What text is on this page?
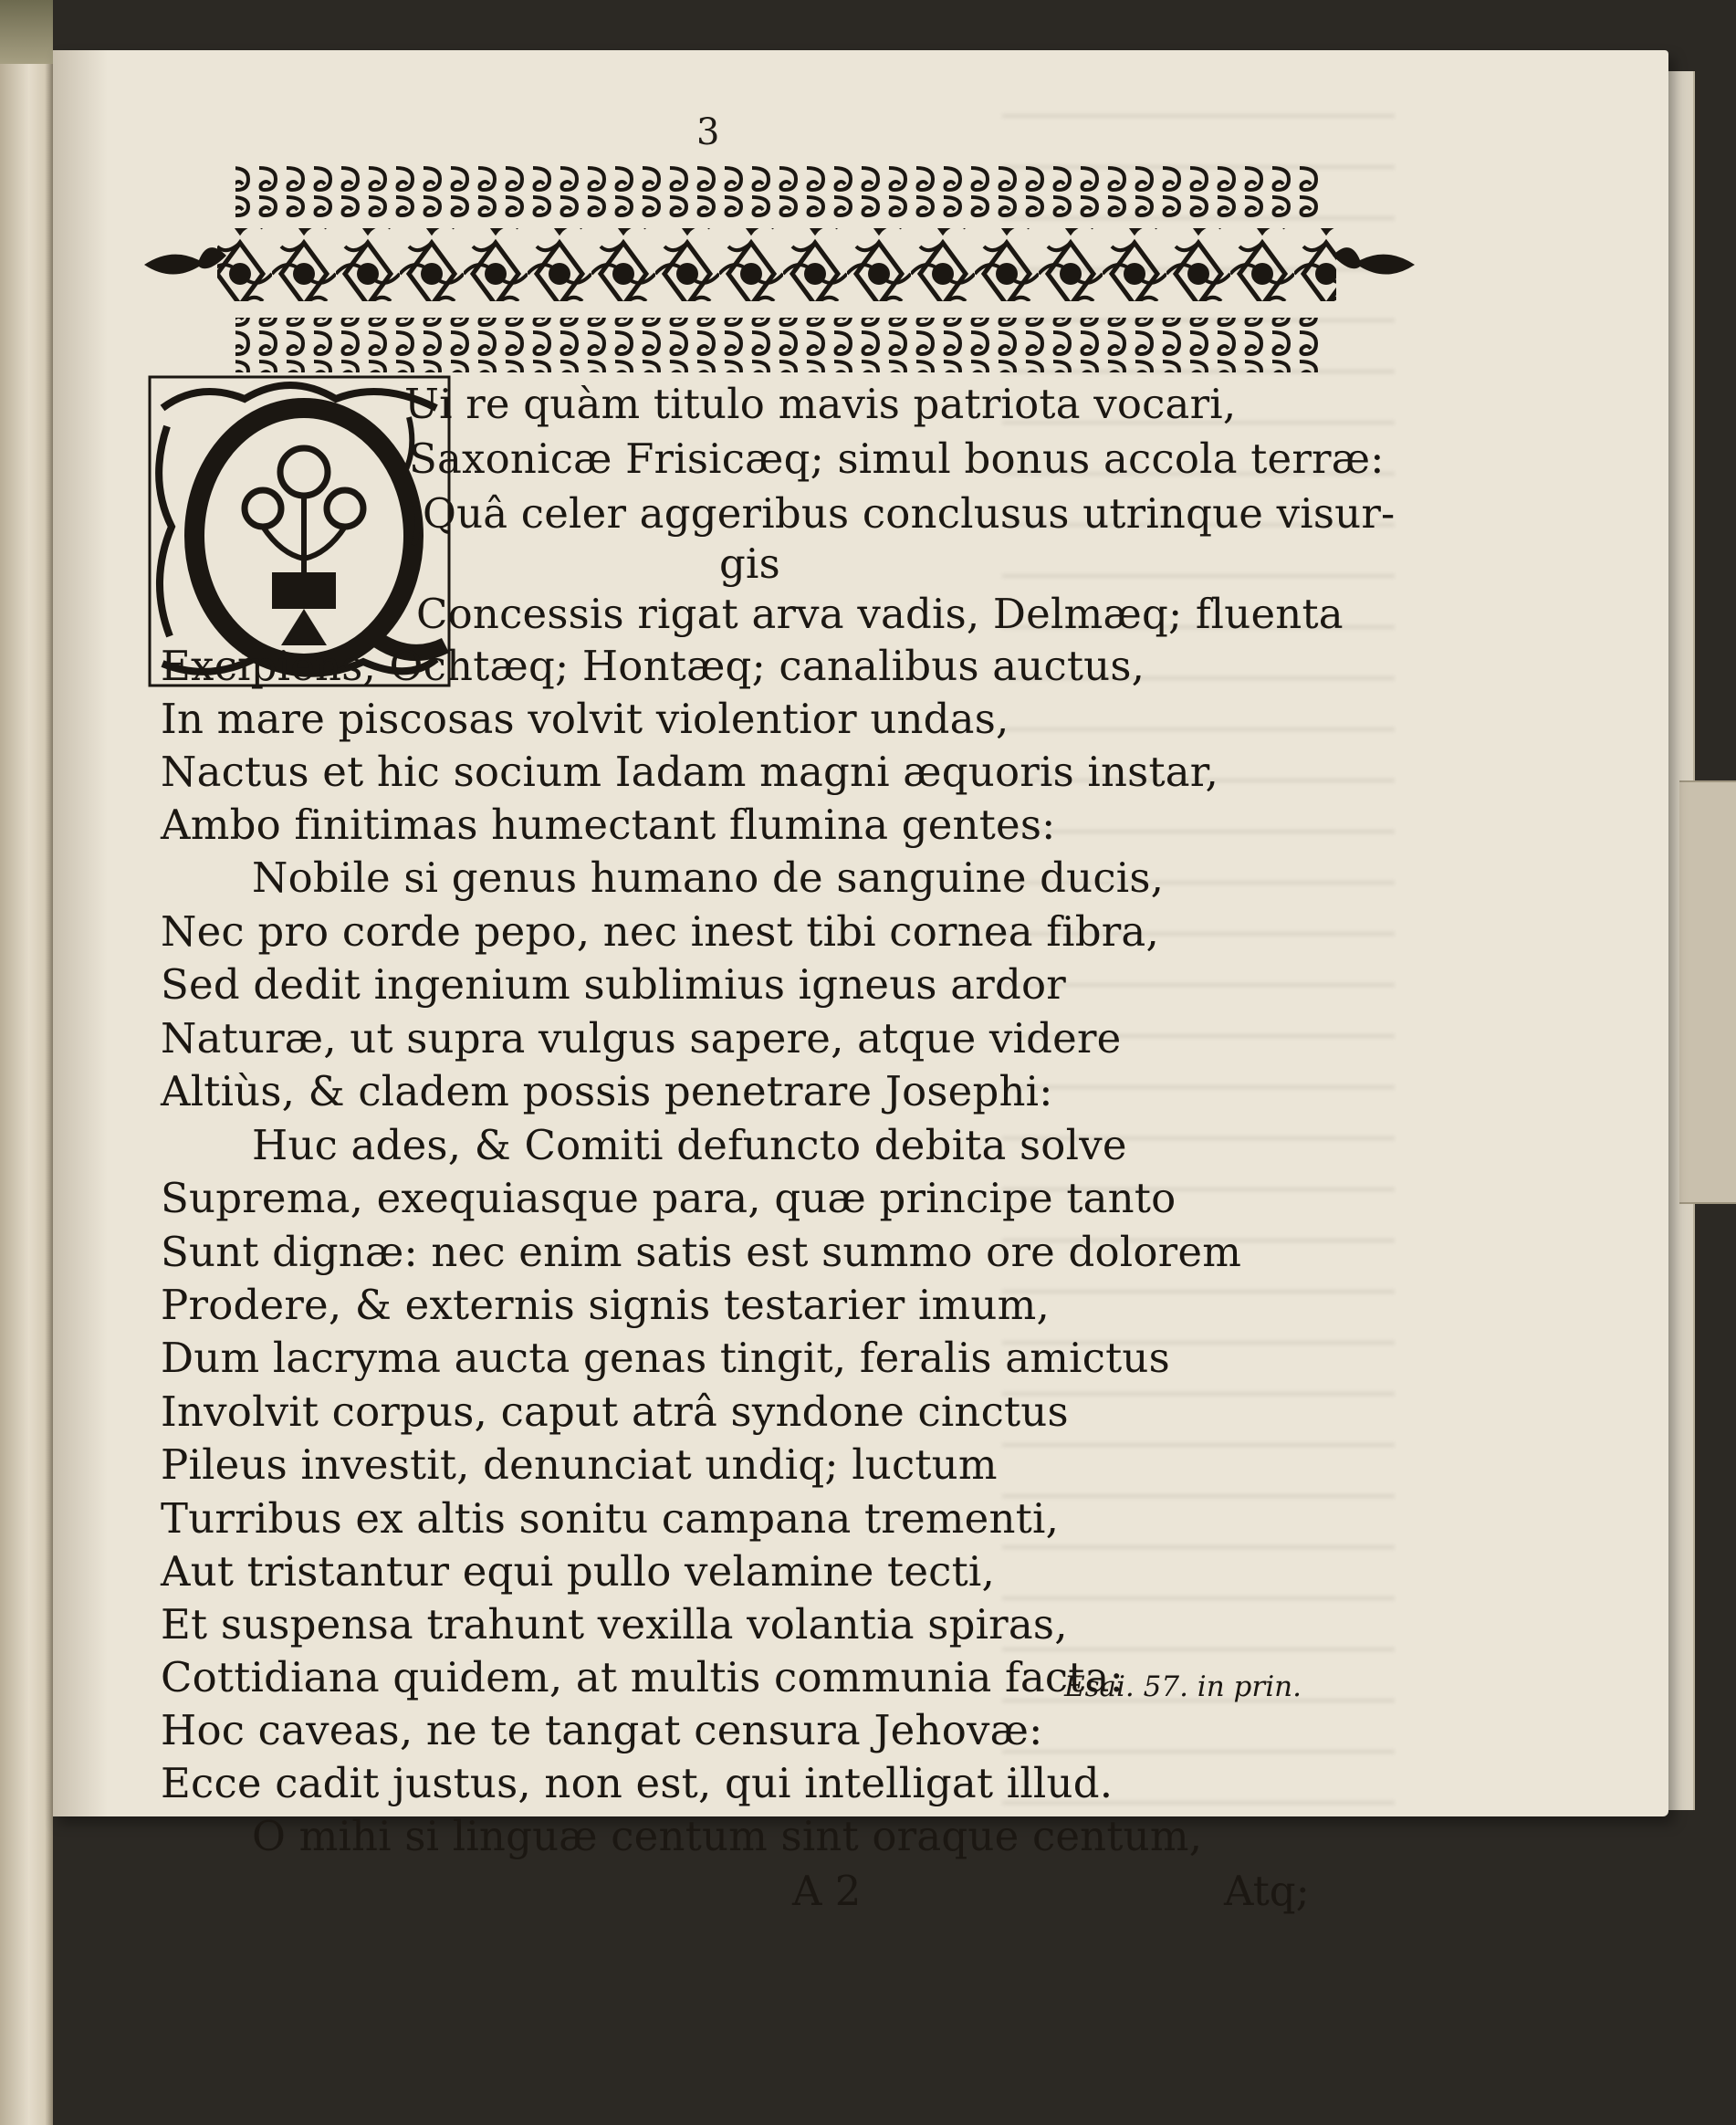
3
Ui re quàm titulo mavis patriota vocari,
Saxonicæ Frisicæq; simul bonus accola terræ:
Quâ celer aggeribus conclusus utrinque visur-
gis
Concessis rigat arva vadis, Delmæq; fluenta
Excipiens, Ochtæq; Hontæq; canalibus auctus,
In mare piscosas volvit violentior undas,
Nactus et hic socium Iadam magni æquoris instar,
Ambo finitimas humectant flumina gentes:
Nobile si genus humano de sanguine ducis,
Nec pro corde pepo, nec inest tibi cornea fibra,
Sed dedit ingenium sublimius igneus ardor
Naturæ, ut supra vulgus sapere, atque videre
Altiùs, & cladem possis penetrare Josephi:
Huc ades, & Comiti defuncto debita solve
Suprema, exequiasque para, quæ principe tanto
Sunt dignæ: nec enim satis est summo ore dolorem
Prodere, & externis signis testarier imum,
Dum lacryma aucta genas tingit, feralis amictus
Involvit corpus, caput atrâ syndone cinctus
Pileus investit, denunciat undiq; luctum
Turribus ex altis sonitu campana trementi,
Aut tristantur equi pullo velamine tecti,
Et suspensa trahunt vexilla volantia spiras,
Cottidiana quidem, at multis communia facta:
Hoc caveas, ne te tangat censura Jehovæ:
Ecce cadit justus, non est, qui intelligat illud.
O mihi si linguæ centum sint oraque centum,
Esai. 57. in prin.
A 2	Atq;
